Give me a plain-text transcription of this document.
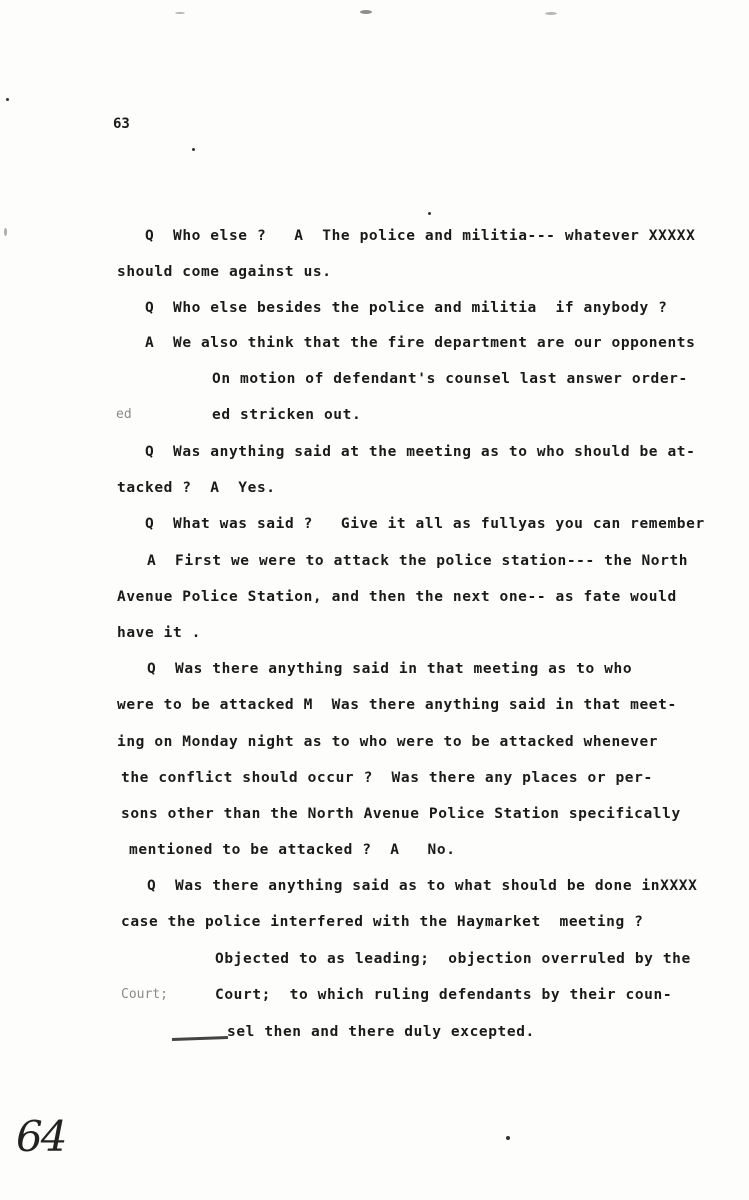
63
Q  Who else ?   A  The police and militia--- whatever XXXXX
should come against us.
Q  Who else besides the police and militia  if anybody ?
A  We also think that the fire department are our opponents
On motion of defendant's counsel last answer order-
ed	ed stricken out.
Q  Was anything said at the meeting as to who should be at-
tacked ?  A  Yes.
Q  What was said ?   Give it all as fullyas you can remember
A  First we were to attack the police station--- the North
Avenue Police Station, and then the next one-- as fate would
have it .
Q  Was there anything said in that meeting as to who
were to be attacked M  Was there anything said in that meet-
ing on Monday night as to who were to be attacked whenever
the conflict should occur ?  Was there any places or per-
sons other than the North Avenue Police Station specifically
mentioned to be attacked ?  A   No.
Q  Was there anything said as to what should be done inXXXX
case the police interfered with the Haymarket  meeting ?
Objected to as leading;  objection overruled by the
Court;	Court;  to which ruling defendants by their coun-
sel then and there duly excepted.
64
